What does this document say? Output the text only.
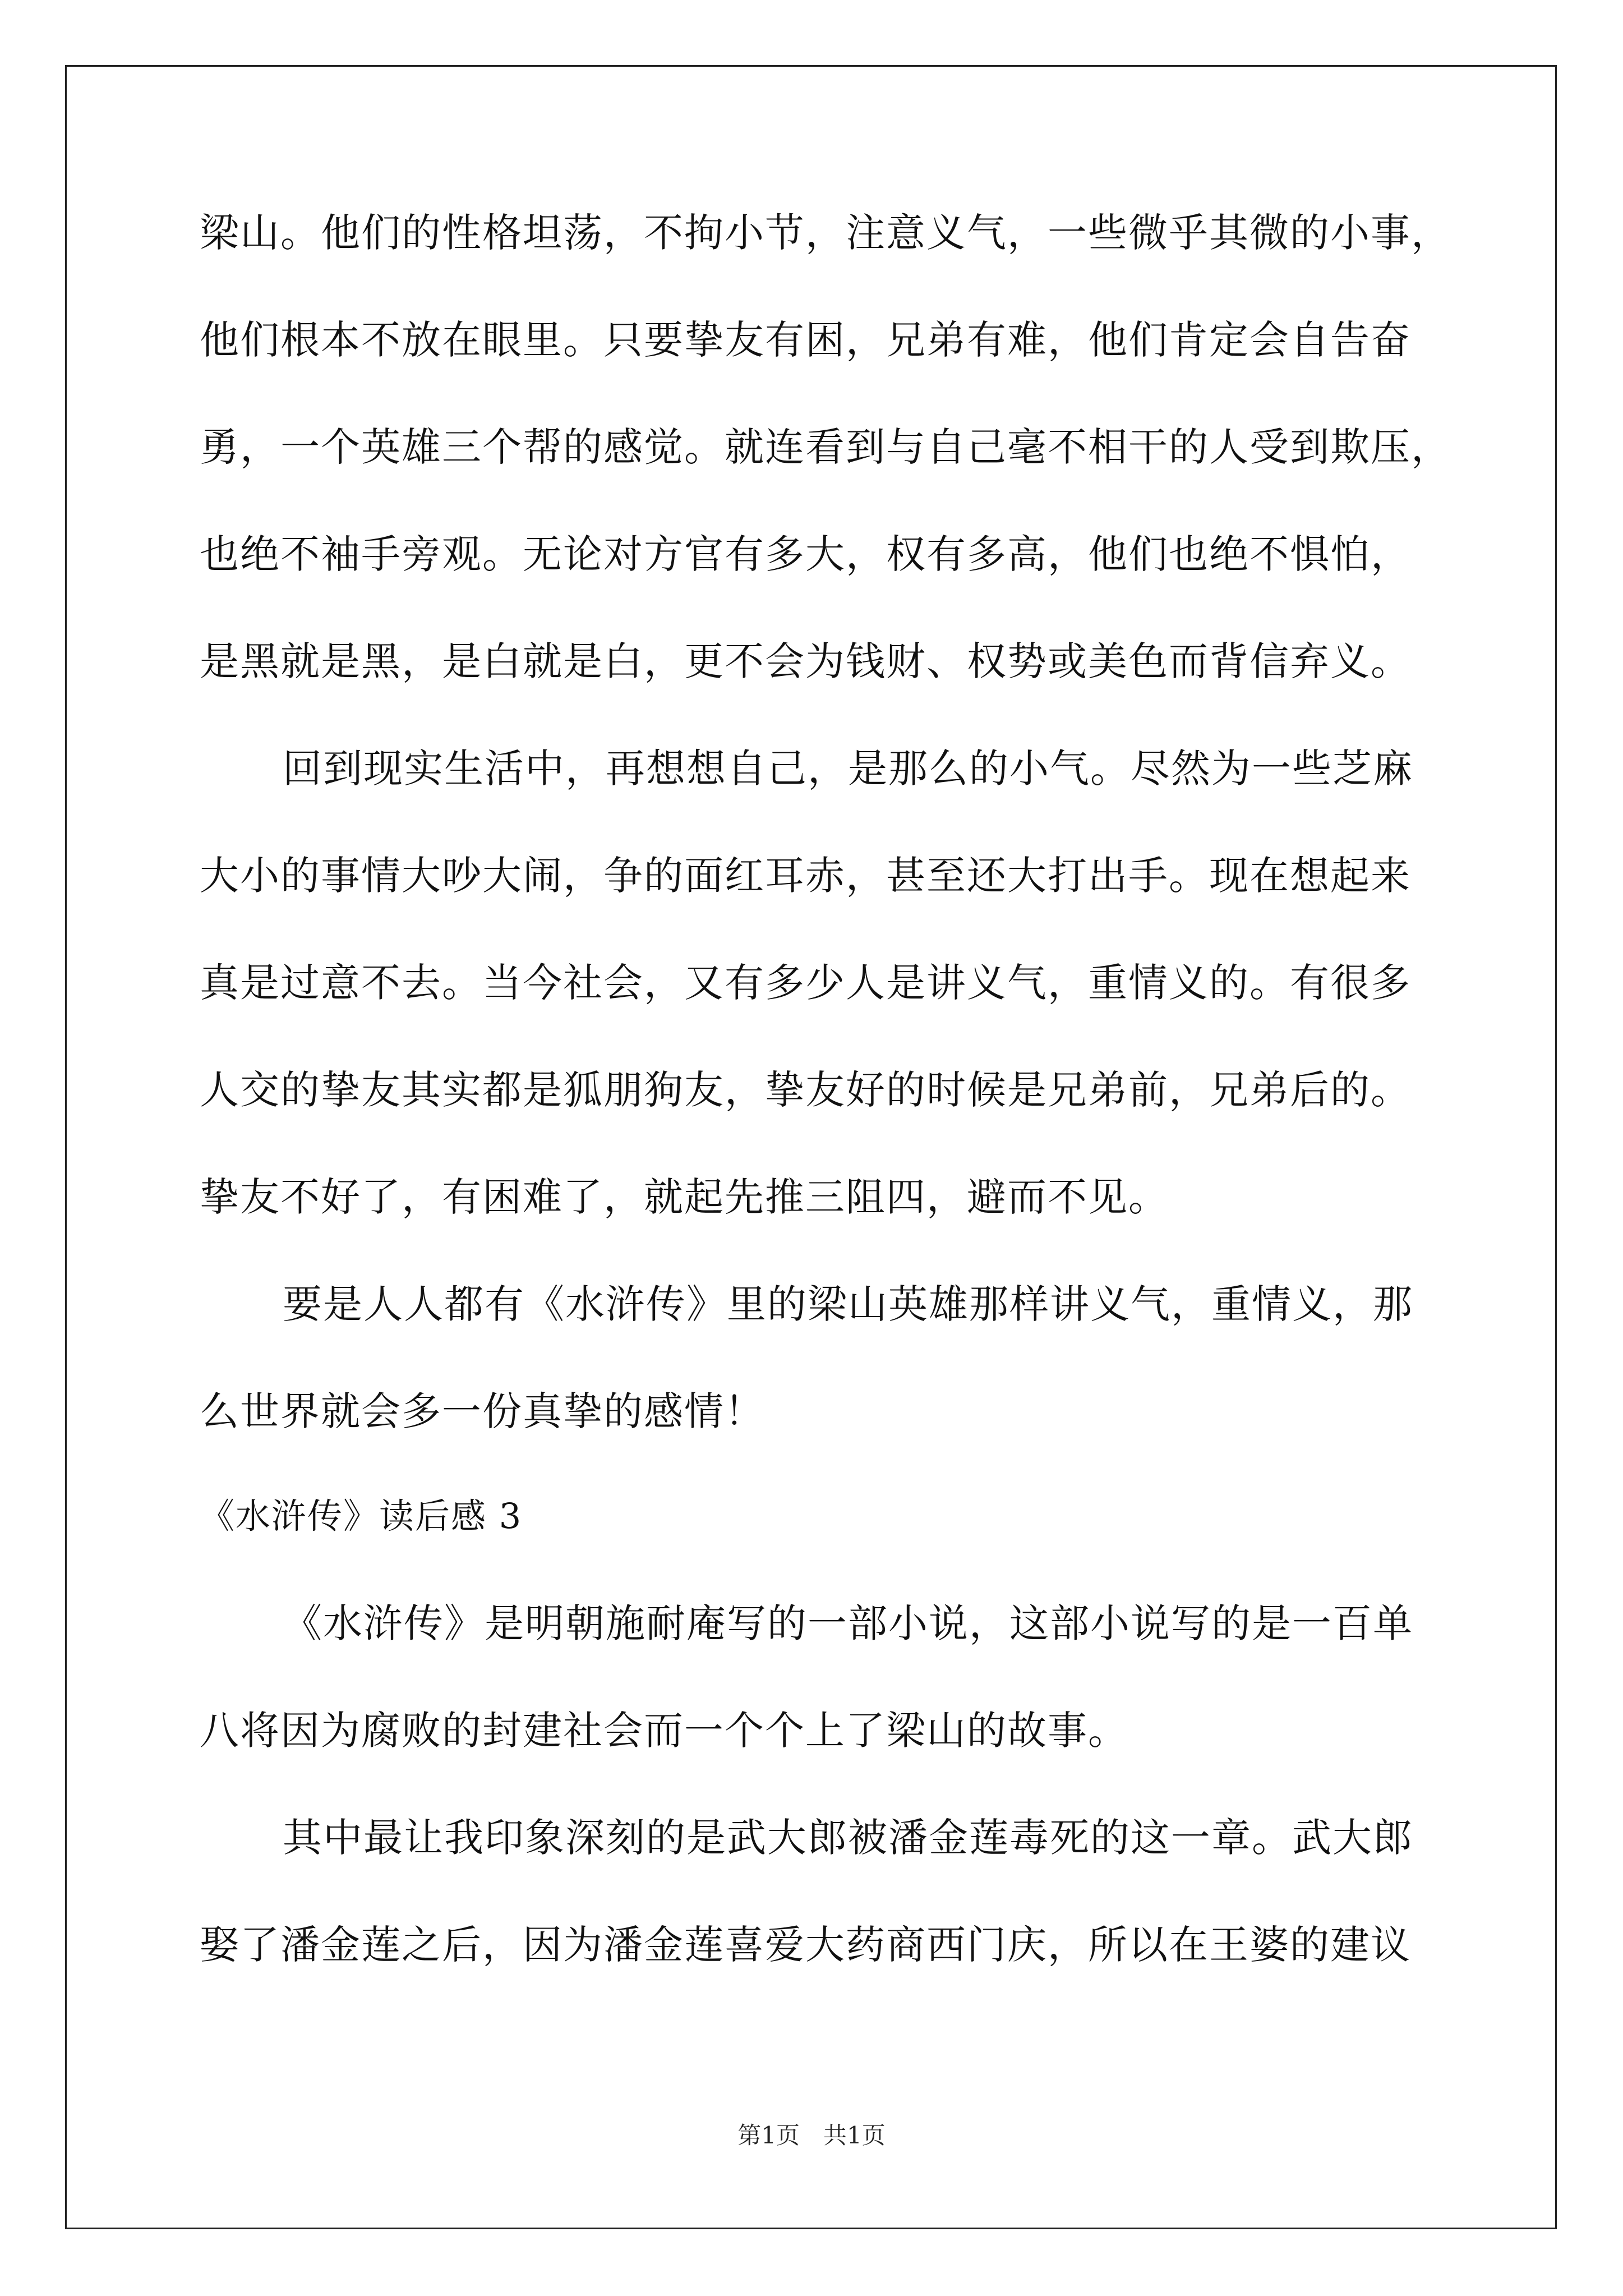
梁山。他们的性格坦荡，不拘小节，注意义气，一些微乎其微的小事，
他们根本不放在眼里。只要挚友有困，兄弟有难，他们肯定会自告奋
勇，一个英雄三个帮的感觉。就连看到与自己毫不相干的人受到欺压，
也绝不袖手旁观。无论对方官有多大，权有多高，他们也绝不惧怕，
是黑就是黑，是白就是白，更不会为钱财、权势或美色而背信弃义。
回到现实生活中，再想想自己，是那么的小气。尽然为一些芝麻
大小的事情大吵大闹，争的面红耳赤，甚至还大打出手。现在想起来
真是过意不去。当今社会，又有多少人是讲义气，重情义的。有很多
人交的挚友其实都是狐朋狗友，挚友好的时候是兄弟前，兄弟后的。
挚友不好了，有困难了，就起先推三阻四，避而不见。
要是人人都有《水浒传》里的梁山英雄那样讲义气，重情义，那
么世界就会多一份真挚的感情！
《水浒传》读后感 3
《水浒传》是明朝施耐庵写的一部小说，这部小说写的是一百单
八将因为腐败的封建社会而一个个上了梁山的故事。
其中最让我印象深刻的是武大郎被潘金莲毒死的这一章。武大郎
娶了潘金莲之后，因为潘金莲喜爱大药商西门庆，所以在王婆的建议
第1页　共1页
